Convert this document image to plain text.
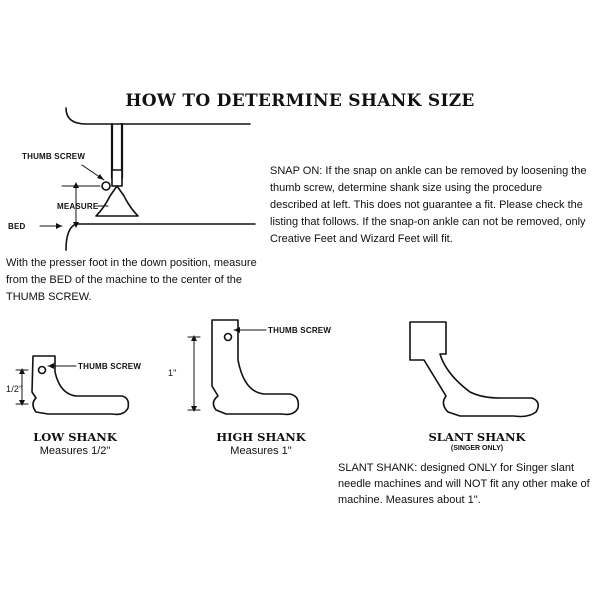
HOW TO DETERMINE SHANK SIZE
THUMB SCREW
MEASURE
BED
With the presser foot in the down position, measure from the BED of the machine to the center of the THUMB SCREW.
SNAP ON: If the snap on ankle can be removed by loosening the thumb screw, determine shank size using the procedure described at left. This does not guarantee a fit. Please check the listing that follows. If the snap-on ankle can not be removed, only Creative Feet and Wizard Feet will fit.
THUMB SCREW
1/2"
LOW SHANK
Measures 1/2"
THUMB SCREW
1"
HIGH SHANK
Measures 1"
SLANT SHANK
(SINGER ONLY)
SLANT SHANK: designed ONLY for Singer slant needle machines and will NOT fit any other make of machine. Measures about 1".
